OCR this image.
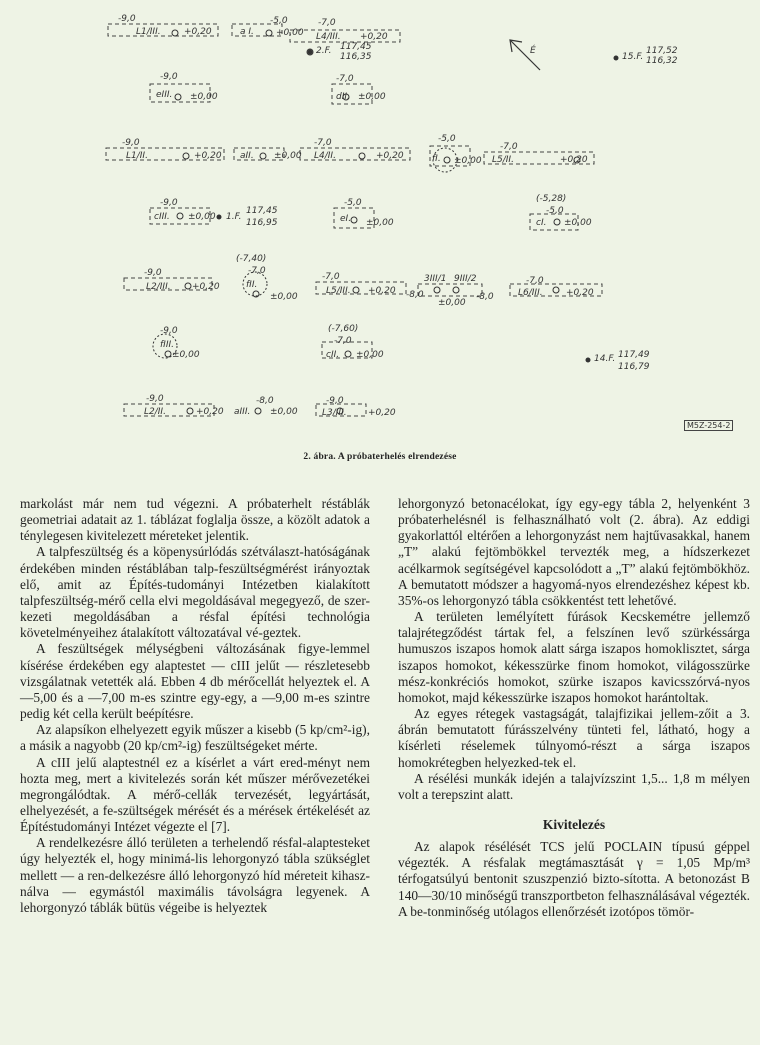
-9,0
L1/III.	+0,20	a I.
-5,0
+0,00
-7,0
L4/III. +0,20
2.F. 117,45
116,35	15.F.
117,52
116,32
É
-9,0
eIII. ±0,00
-7,0
dII. ±0,00
-9,0
L1/II.	+0,20 aII. ±0,00
-7,0
L4/II.	+0,20
-5,0
fI. ±0,00
-7,0
L5/II.	+0,20
-9,0
cIII. ±0,00 1.F.
117,45
116,95
-5,0
eI. ±0,00
(-5,28)
-5,0
cI. ±0,00
-9,0
L2/III. +0,20
(-7,40)
-7,0
fII.
±0,00
-7,0
L5/III. +0,20
3III/1 9III/2
-8,0
±0,00
-8,0
-7,0
L6/III.	+0,20
-9,0
fIII.
±0,00
(-7,60)
-7,0
cII. ±0,00	14.F. 117,49
116,79
-9,0
L2/II.	+0,20 aIII.
-8,0
±0,00
-9,0
L3/III. +0,20
M5Z-254-2
2. ábra. A próbaterhelés elrendezése

markolást már nem tud végezni. A próbaterhelt réstáblák geometriai adatait az 1. táblázat foglalja össze, a közölt adatok a ténylegesen kivitelezett méreteket jelentik.

A talpfeszültség és a köpenysúrlódás szétválaszt-hatóságának érdekében minden réstáblában talp-feszültségmérést irányoztak elő, amit az Építés-tudományi Intézetben kialakított talpfeszültség-mérő cella elvi megoldásával megegyező, de szer-kezeti megoldásában a résfal építési technológia követelményeihez átalakított változatával vé-geztek.

A feszültségek mélységbeni változásának figye-lemmel kísérése érdekében egy alaptestet — cIII jelűt — részletesebb vizsgálatnak vetették alá. Ebben 4 db mérőcellát helyeztek el. A —5,00 és a —7,00 m-es szintre egy-egy, a —9,00 m-es szintre pedig két cella került beépítésre.

Az alapsíkon elhelyezett egyik műszer a kisebb (5 kp/cm²-ig), a másik a nagyobb (20 kp/cm²-ig) feszültségeket mérte.

A cIII jelű alaptestnél ez a kísérlet a várt ered-ményt nem hozta meg, mert a kivitelezés során két műszer mérővezetékei megrongálódtak. A mérő-cellák tervezését, legyártását, elhelyezését, a fe-szültségek mérését és a mérések értékelését az Építéstudományi Intézet végezte el [7].

A rendelkezésre álló területen a terhelendő résfal-alaptesteket úgy helyezték el, hogy minimá-lis lehorgonyzó tábla szükséglet mellett — a ren-delkezésre álló lehorgonyzó híd méreteit kihasz-nálva — egymástól maximális távolságra legyenek. A lehorgonyzó táblák bütüs végeibe is helyeztek

lehorgonyzó betonacélokat, így egy-egy tábla 2, helyenként 3 próbaterhelésnél is felhasználható volt (2. ábra). Az eddigi gyakorlattól eltérően a lehorgonyzást nem hajtűvasakkal, hanem „T” alakú fejtömbökkel tervezték meg, a hídszerkezet acélkarmok segítségével kapcsolódott a „T” alakú fejtömbökhöz. A bemutatott módszer a hagyomá-nyos elrendezéshez képest kb. 35%-os lehorgonyzó tábla csökkentést tett lehetővé.

A területen lemélyített fúrások Kecskemétre jellemző talajrétegződést tártak fel, a felszínen levő szürkéssárga humuszos iszapos homok alatt sárga iszapos homoklisztet, sárga iszapos homokot, kékesszürke finom homokot, világosszürke mész-konkréciós homokot, szürke iszapos kavicsszórvá-nyos homokot, majd kékesszürke iszapos homokot harántoltak.

Az egyes rétegek vastagságát, talajfizikai jellem-zőit a 3. ábrán bemutatott fúrásszelvény tünteti fel, látható, hogy a kísérleti réselemek túlnyomó-részt a sárga iszapos homokrétegben helyezked-tek el.

A résélési munkák idején a talajvízszint 1,5... 1,8 m mélyen volt a terepszint alatt.

Kivitelezés

Az alapok résélését TCS jelű POCLAIN típusú géppel végezték. A résfalak megtámasztását γ = 1,05 Mp/m³ térfogatsúlyú bentonit szuszpenzió bizto-sította. A betonozást B 140—30/10 minőségű transzportbeton felhasználásával végezték. A be-tonminőség utólagos ellenőrzését izotópos tömör-
